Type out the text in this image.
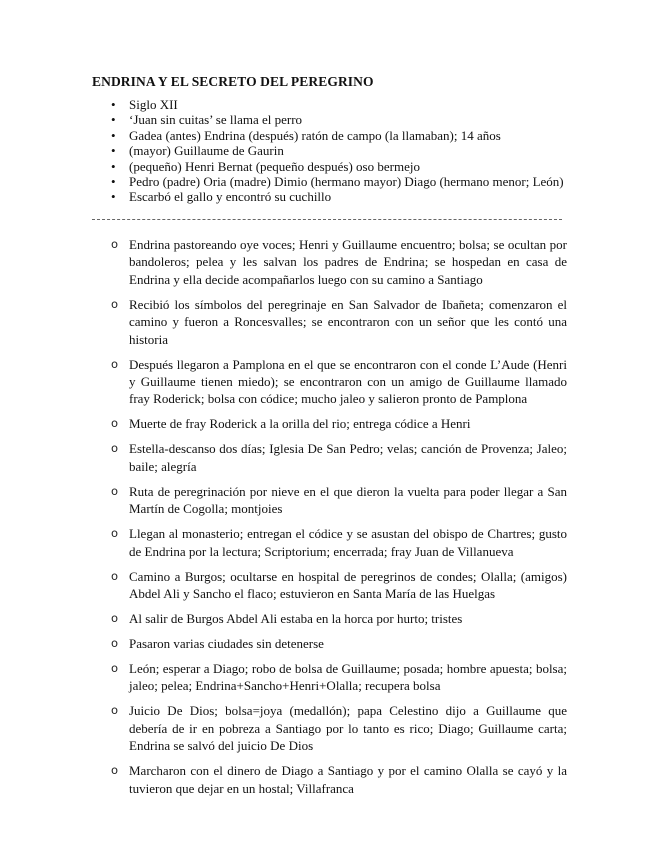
ENDRINA Y EL SECRETO DEL PEREGRINO
• Siglo XII
• ‘Juan sin cuitas’ se llama el perro
• Gadea (antes) Endrina (después) ratón de campo (la llamaban); 14 años
• (mayor) Guillaume de Gaurin
• (pequeño) Henri Bernat (pequeño después) oso bermejo
• Pedro (padre) Oria (madre) Dimio (hermano mayor) Diago (hermano menor; León)
• Escarbó el gallo y encontró su cuchillo
o Endrina pastoreando oye voces; Henri y Guillaume encuentro; bolsa; se ocultan por bandoleros; pelea y les salvan los padres de Endrina; se hospedan en casa de Endrina y ella decide acompañarlos luego con su camino a Santiago
o Recibió los símbolos del peregrinaje en San Salvador de Ibañeta; comenzaron el camino y fueron a Roncesvalles; se encontraron con un señor que les contó una historia
o Después llegaron a Pamplona en el que se encontraron con el conde L’Aude (Henri y Guillaume tienen miedo); se encontraron con un amigo de Guillaume llamado fray Roderick; bolsa con códice; mucho jaleo y salieron pronto de Pamplona
o Muerte de fray Roderick a la orilla del rio; entrega códice a Henri
o Estella-descanso dos días; Iglesia De San Pedro; velas; canción de Provenza; Jaleo; baile; alegría
o Ruta de peregrinación por nieve en el que dieron la vuelta para poder llegar a San Martín de Cogolla; montjoies
o Llegan al monasterio; entregan el códice y se asustan del obispo de Chartres; gusto de Endrina por la lectura; Scriptorium; encerrada; fray Juan de Villanueva
o Camino a Burgos; ocultarse en hospital de peregrinos de condes; Olalla; (amigos) Abdel Ali y Sancho el flaco; estuvieron en Santa María de las Huelgas
o Al salir de Burgos Abdel Ali estaba en la horca por hurto; tristes
o Pasaron varias ciudades sin detenerse
o León; esperar a Diago; robo de bolsa de Guillaume; posada; hombre apuesta; bolsa; jaleo; pelea; Endrina+Sancho+Henri+Olalla; recupera bolsa
o Juicio De Dios; bolsa=joya (medallón); papa Celestino dijo a Guillaume que debería de ir en pobreza a Santiago por lo tanto es rico; Diago; Guillaume carta; Endrina se salvó del juicio De Dios
o Marcharon con el dinero de Diago a Santiago y por el camino Olalla se cayó y la tuvieron que dejar en un hostal; Villafranca
